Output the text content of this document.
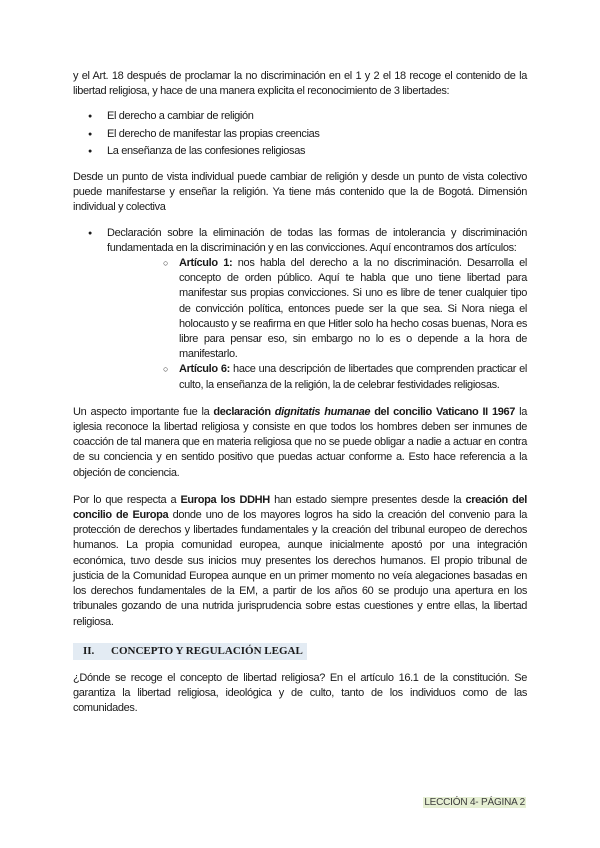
y el Art. 18 después de proclamar la no discriminación en el 1 y 2 el 18 recoge el contenido de la libertad religiosa, y hace de una manera explicita el reconocimiento de 3 libertades:

● El derecho a cambiar de religión
● El derecho de manifestar las propias creencias
● La enseñanza de las confesiones religiosas

Desde un punto de vista individual puede cambiar de religión y desde un punto de vista colectivo puede manifestarse y enseñar la religión. Ya tiene más contenido que la de Bogotá. Dimensión individual y colectiva

● Declaración sobre la eliminación de todas las formas de intolerancia y discriminación fundamentada en la discriminación y en las convicciones. Aquí encontramos dos artículos:
○ Artículo 1: nos habla del derecho a la no discriminación. Desarrolla el concepto de orden público. Aquí te habla que uno tiene libertad para manifestar sus propias convicciones. Si uno es libre de tener cualquier tipo de convicción política, entonces puede ser la que sea. Si Nora niega el holocausto y se reafirma en que Hitler solo ha hecho cosas buenas, Nora es libre para pensar eso, sin embargo no lo es o depende a la hora de manifestarlo.
○ Artículo 6: hace una descripción de libertades que comprenden practicar el culto, la enseñanza de la religión, la de celebrar festividades religiosas.

Un aspecto importante fue la declaración dignitatis humanae del concilio Vaticano II 1967 la iglesia reconoce la libertad religiosa y consiste en que todos los hombres deben ser inmunes de coacción de tal manera que en materia religiosa que no se puede obligar a nadie a actuar en contra de su conciencia y en sentido positivo que puedas actuar conforme a. Esto hace referencia a la objeción de conciencia.

Por lo que respecta a Europa los DDHH han estado siempre presentes desde la creación del concilio de Europa donde uno de los mayores logros ha sido la creación del convenio para la protección de derechos y libertades fundamentales y la creación del tribunal europeo de derechos humanos. La propia comunidad europea, aunque inicialmente apostó por una integración económica, tuvo desde sus inicios muy presentes los derechos humanos. El propio tribunal de justicia de la Comunidad Europea aunque en un primer momento no veía alegaciones basadas en los derechos fundamentales de la EM, a partir de los años 60 se produjo una apertura en los tribunales gozando de una nutrida jurisprudencia sobre estas cuestiones y entre ellas, la libertad religiosa.

II. CONCEPTO Y REGULACIÓN LEGAL

¿Dónde se recoge el concepto de libertad religiosa? En el artículo 16.1 de la constitución. Se garantiza la libertad religiosa, ideológica y de culto, tanto de los individuos como de las comunidades.

LECCIÓN 4- PÁGINA 2
